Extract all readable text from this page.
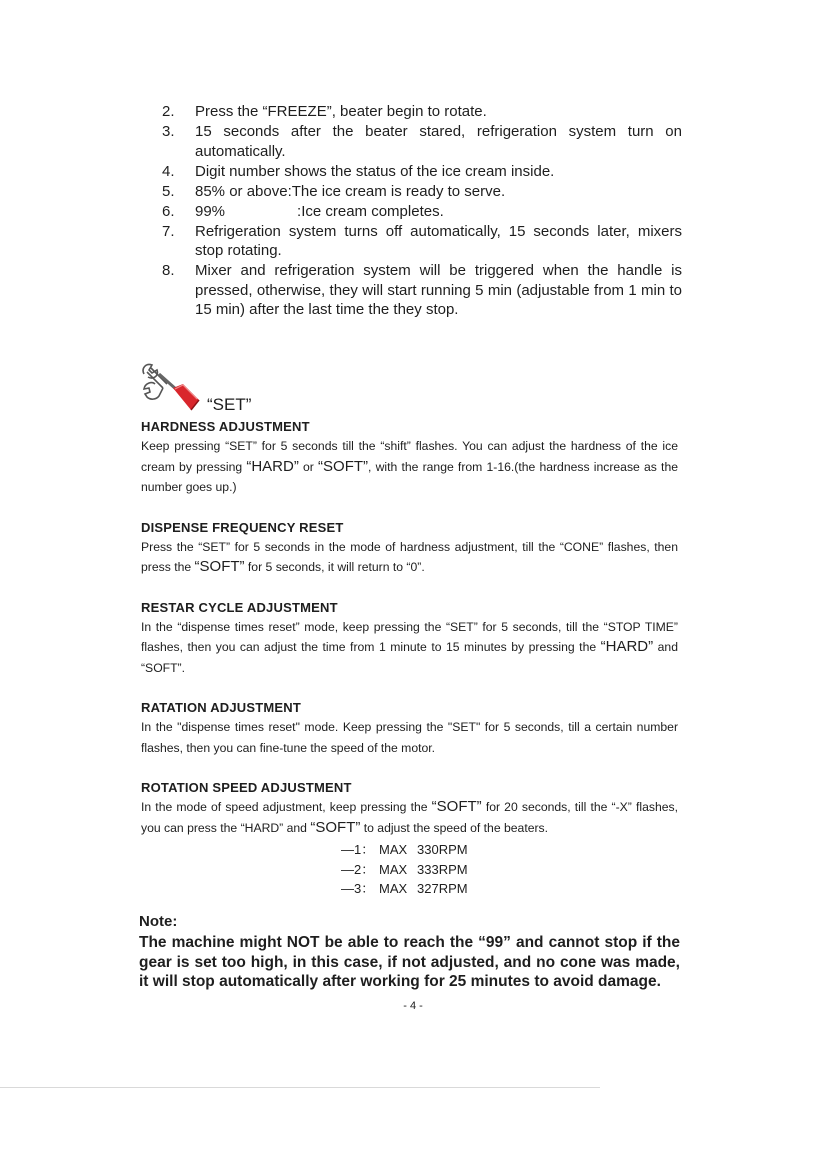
2.	Press the “FREEZE”, beater begin to rotate.
3.	15 seconds after the beater stared, refrigeration system turn on automatically.
4.	Digit number shows the status of the ice cream inside.
5.	85% or above:The ice cream is ready to serve.
6.	99%	:Ice cream completes.
7.	Refrigeration system turns off automatically, 15 seconds later, mixers stop rotating.
8.	Mixer and refrigeration system will be triggered when the handle is pressed, otherwise, they will start running 5 min (adjustable from 1 min to 15 min) after the last time the they stop.
“SET”
HARDNESS ADJUSTMENT
Keep pressing “SET” for 5 seconds till the “shift” flashes. You can adjust the hardness of the ice cream by pressing “HARD” or “SOFT”, with the range from 1-16.(the hardness increase as the number goes up.)
DISPENSE FREQUENCY RESET
Press the “SET” for 5 seconds in the mode of hardness adjustment, till the “CONE” flashes, then press the “SOFT” for 5 seconds, it will return to “0”.
RESTAR CYCLE ADJUSTMENT
In the “dispense times reset” mode, keep pressing the “SET” for 5 seconds, till the “STOP TIME” flashes, then you can adjust the time from 1 minute to 15 minutes by pressing the “HARD” and “SOFT”.
RATATION ADJUSTMENT
In the "dispense times reset" mode. Keep pressing the "SET" for 5 seconds, till a certain number flashes, then you can fine-tune the speed of the motor.
ROTATION SPEED ADJUSTMENT
In the mode of speed adjustment, keep pressing the “SOFT” for 20 seconds, till the “-X” flashes, you can press the “HARD” and “SOFT” to adjust the speed of the beaters.
—1： MAX 330RPM
—2： MAX 333RPM
—3： MAX 327RPM
Note:
The machine might NOT be able to reach the “99” and cannot stop if the gear is set too high, in this case, if not adjusted, and no cone was made, it will stop automatically after working for 25 minutes to avoid damage.
- 4 -
